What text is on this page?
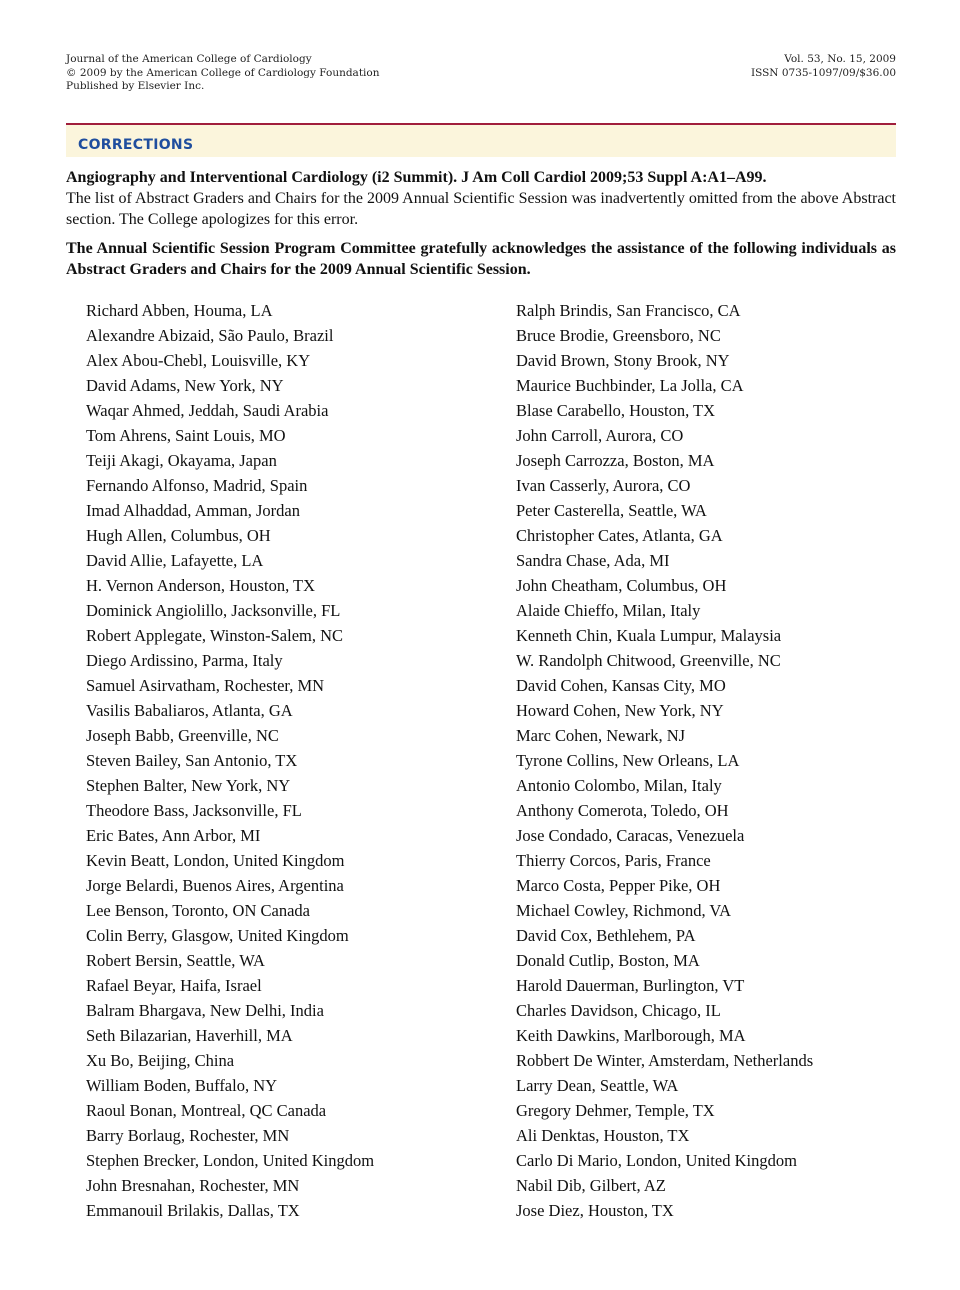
Journal of the American College of Cardiology
© 2009 by the American College of Cardiology Foundation
Published by Elsevier Inc.
Vol. 53, No. 15, 2009
ISSN 0735-1097/09/$36.00
CORRECTIONS
Angiography and Interventional Cardiology (i2 Summit). J Am Coll Cardiol 2009;53 Suppl A:A1–A99.
The list of Abstract Graders and Chairs for the 2009 Annual Scientific Session was inadvertently omitted from the above Abstract section. The College apologizes for this error.
The Annual Scientific Session Program Committee gratefully acknowledges the assistance of the following individuals as Abstract Graders and Chairs for the 2009 Annual Scientific Session.
Richard Abben, Houma, LA
Alexandre Abizaid, São Paulo, Brazil
Alex Abou-Chebl, Louisville, KY
David Adams, New York, NY
Waqar Ahmed, Jeddah, Saudi Arabia
Tom Ahrens, Saint Louis, MO
Teiji Akagi, Okayama, Japan
Fernando Alfonso, Madrid, Spain
Imad Alhaddad, Amman, Jordan
Hugh Allen, Columbus, OH
David Allie, Lafayette, LA
H. Vernon Anderson, Houston, TX
Dominick Angiolillo, Jacksonville, FL
Robert Applegate, Winston-Salem, NC
Diego Ardissino, Parma, Italy
Samuel Asirvatham, Rochester, MN
Vasilis Babaliaros, Atlanta, GA
Joseph Babb, Greenville, NC
Steven Bailey, San Antonio, TX
Stephen Balter, New York, NY
Theodore Bass, Jacksonville, FL
Eric Bates, Ann Arbor, MI
Kevin Beatt, London, United Kingdom
Jorge Belardi, Buenos Aires, Argentina
Lee Benson, Toronto, ON Canada
Colin Berry, Glasgow, United Kingdom
Robert Bersin, Seattle, WA
Rafael Beyar, Haifa, Israel
Balram Bhargava, New Delhi, India
Seth Bilazarian, Haverhill, MA
Xu Bo, Beijing, China
William Boden, Buffalo, NY
Raoul Bonan, Montreal, QC Canada
Barry Borlaug, Rochester, MN
Stephen Brecker, London, United Kingdom
John Bresnahan, Rochester, MN
Emmanouil Brilakis, Dallas, TX
Ralph Brindis, San Francisco, CA
Bruce Brodie, Greensboro, NC
David Brown, Stony Brook, NY
Maurice Buchbinder, La Jolla, CA
Blase Carabello, Houston, TX
John Carroll, Aurora, CO
Joseph Carrozza, Boston, MA
Ivan Casserly, Aurora, CO
Peter Casterella, Seattle, WA
Christopher Cates, Atlanta, GA
Sandra Chase, Ada, MI
John Cheatham, Columbus, OH
Alaide Chieffo, Milan, Italy
Kenneth Chin, Kuala Lumpur, Malaysia
W. Randolph Chitwood, Greenville, NC
David Cohen, Kansas City, MO
Howard Cohen, New York, NY
Marc Cohen, Newark, NJ
Tyrone Collins, New Orleans, LA
Antonio Colombo, Milan, Italy
Anthony Comerota, Toledo, OH
Jose Condado, Caracas, Venezuela
Thierry Corcos, Paris, France
Marco Costa, Pepper Pike, OH
Michael Cowley, Richmond, VA
David Cox, Bethlehem, PA
Donald Cutlip, Boston, MA
Harold Dauerman, Burlington, VT
Charles Davidson, Chicago, IL
Keith Dawkins, Marlborough, MA
Robbert De Winter, Amsterdam, Netherlands
Larry Dean, Seattle, WA
Gregory Dehmer, Temple, TX
Ali Denktas, Houston, TX
Carlo Di Mario, London, United Kingdom
Nabil Dib, Gilbert, AZ
Jose Diez, Houston, TX
